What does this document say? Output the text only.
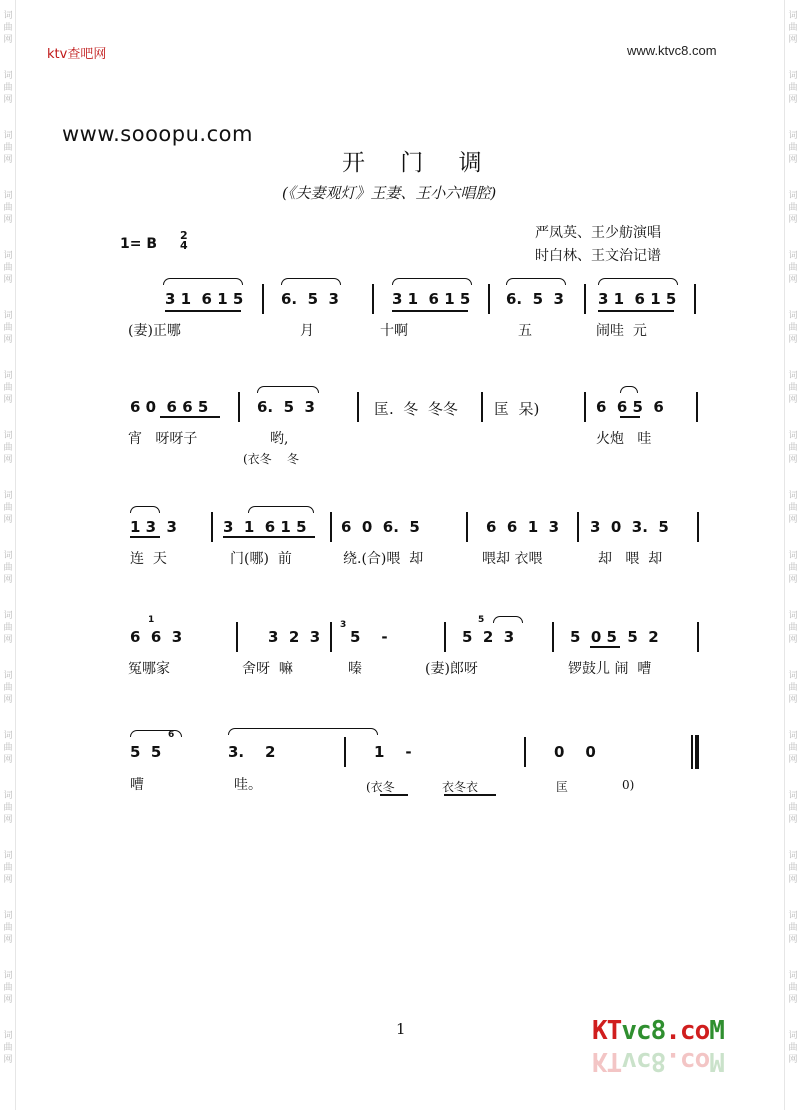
词
曲
网
词
曲
网
词
曲
网
词
曲
网
词
曲
网
词
曲
网
词
曲
网
词
曲
网
词
曲
网
词
曲
网
词
曲
网
词
曲
网
词
曲
网
词
曲
网
词
曲
网
词
曲
网
词
曲
网
词
曲
网
词
曲
网
词
曲
网
词
曲
网
词
曲
网
词
曲
网
词
曲
网
词
曲
网
词
曲
网
词
曲
网
词
曲
网
词
曲
网
词
曲
网
词
曲
网
词
曲
网
词
曲
网
词
曲
网
词
曲
网
词
曲
网
ktv查吧网	www.ktvc8.com
www.sooopu.com
开 门 调
(《夫妻观灯》王妻、王小六唱腔)
1= B
2
4
严凤英、王少舫演唱
时白林、王文治记谱
3 1  6 1 5	6.  5  3	3 1  6 1 5 6.  5  3 3 1  6 1 5
(妻)正哪	月	十啊	五	闹哇  元
6 0  6 6 5	6.  5  3	匡.  冬  冬冬 匡  呆)	6  6 5  6
宵   呀呀子	哟,	火炮   哇
(衣冬    冬
1 3  3	3  1  6 1 5 6  0  6.  5	6  6  1  3 3  0  3.  5
连  天	门(哪)  前	绕.(合)喂  却	喂却 衣喂	却   喂  却
6  6  3
1
3  2  3
3
5    -
5
5  2  3	5  0 5  5  2
冤哪家	舍呀  嘛	嗪	(妻)郎呀	锣鼓儿 闹  嘈
5  5
6
3.    2	1    -	0    0
嘈	哇。	(衣冬	衣冬衣	匡	0)
1	KTvc8.coM
KTvc8.coM
